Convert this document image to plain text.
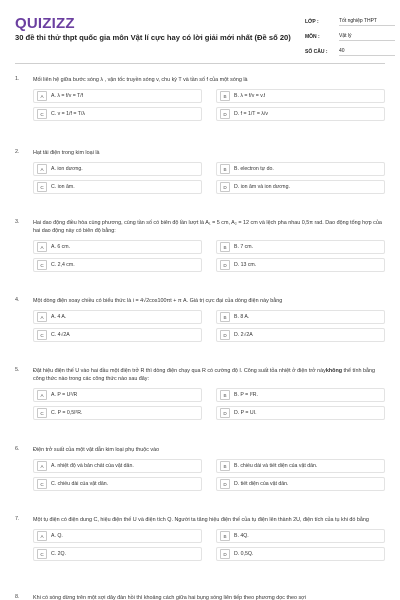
QUIZIZZ
30 đề thi thử thpt quốc gia môn Vật lí cực hay có lời giải mới nhất (Đề số 20)
LỚP :	Tốt nghiệp THPT
MÔN :	Vật lý
SỐ CÂU :	40
1.	Mối liên hệ giữa bước sóng λ , vận tốc truyền sóng v, chu kỳ T và tần số f của một sóng là
A	A. λ = f/v = T/f	B	B. λ = f/v = v.f
C	C. v = 1/f = T/λ	D	D. f = 1/T = λ/v
2.	Hạt tải điện trong kim loại là
A	A. ion dương.	B	B. electron tự do.
C	C. ion âm.	D	D. ion âm và ion dương.
3.	Hai dao động điều hòa cùng phương, cùng tần số có biên độ lần lượt là A₁ = 5 cm, A₂ = 12 cm và lệch pha nhau 0,5π rad. Dao động tổng hợp của hai dao động này có biên độ bằng:
A	A. 6 cm.	B	B. 7 cm.
C	C. 2,4 cm.	D	D. 13 cm.
4.	Một dòng điện xoay chiều có biểu thức là i = 4√2cos100πt + π A. Giá trị cực đại của dòng điện này bằng
A	A. 4 A.	B	B. 8 A.
C	C. 4√2A	D	D. 2√2A
5.	Đặt hiệu điện thế U vào hai đầu một điện trở R thì dòng điện chạy qua R có cường độ I. Công suất tỏa nhiệt ở điện trở nàykhông thể tính bằng công thức nào trong các công thức nào sau đây:
A	A. P = U²/R	B	B. P = I²R.
C	C. P = 0,5I²R.	D	D. P = UI.
6.	Điện trở suất của một vật dẫn kim loại phụ thuộc vào
A	A. nhiệt độ và bản chất của vật dẫn.	B	B. chiều dài và tiết diện của vật dẫn.
C	C. chiều dài của vật dẫn.	D	D. tiết diện của vật dẫn.
7.	Một tụ điện có điện dung C, hiệu điện thế U và điện tích Q. Người ta tăng hiệu điện thế của tụ điện lên thành 2U, điện tích của tụ khi đó bằng
A	A. Q.	B	B. 4Q.
C	C. 2Q.	D	D. 0,5Q.
8.	Khi có sóng dừng trên một sợi dây đàn hồi thì khoảng cách giữa hai bụng sóng liên tiếp theo phương dọc theo sợi
